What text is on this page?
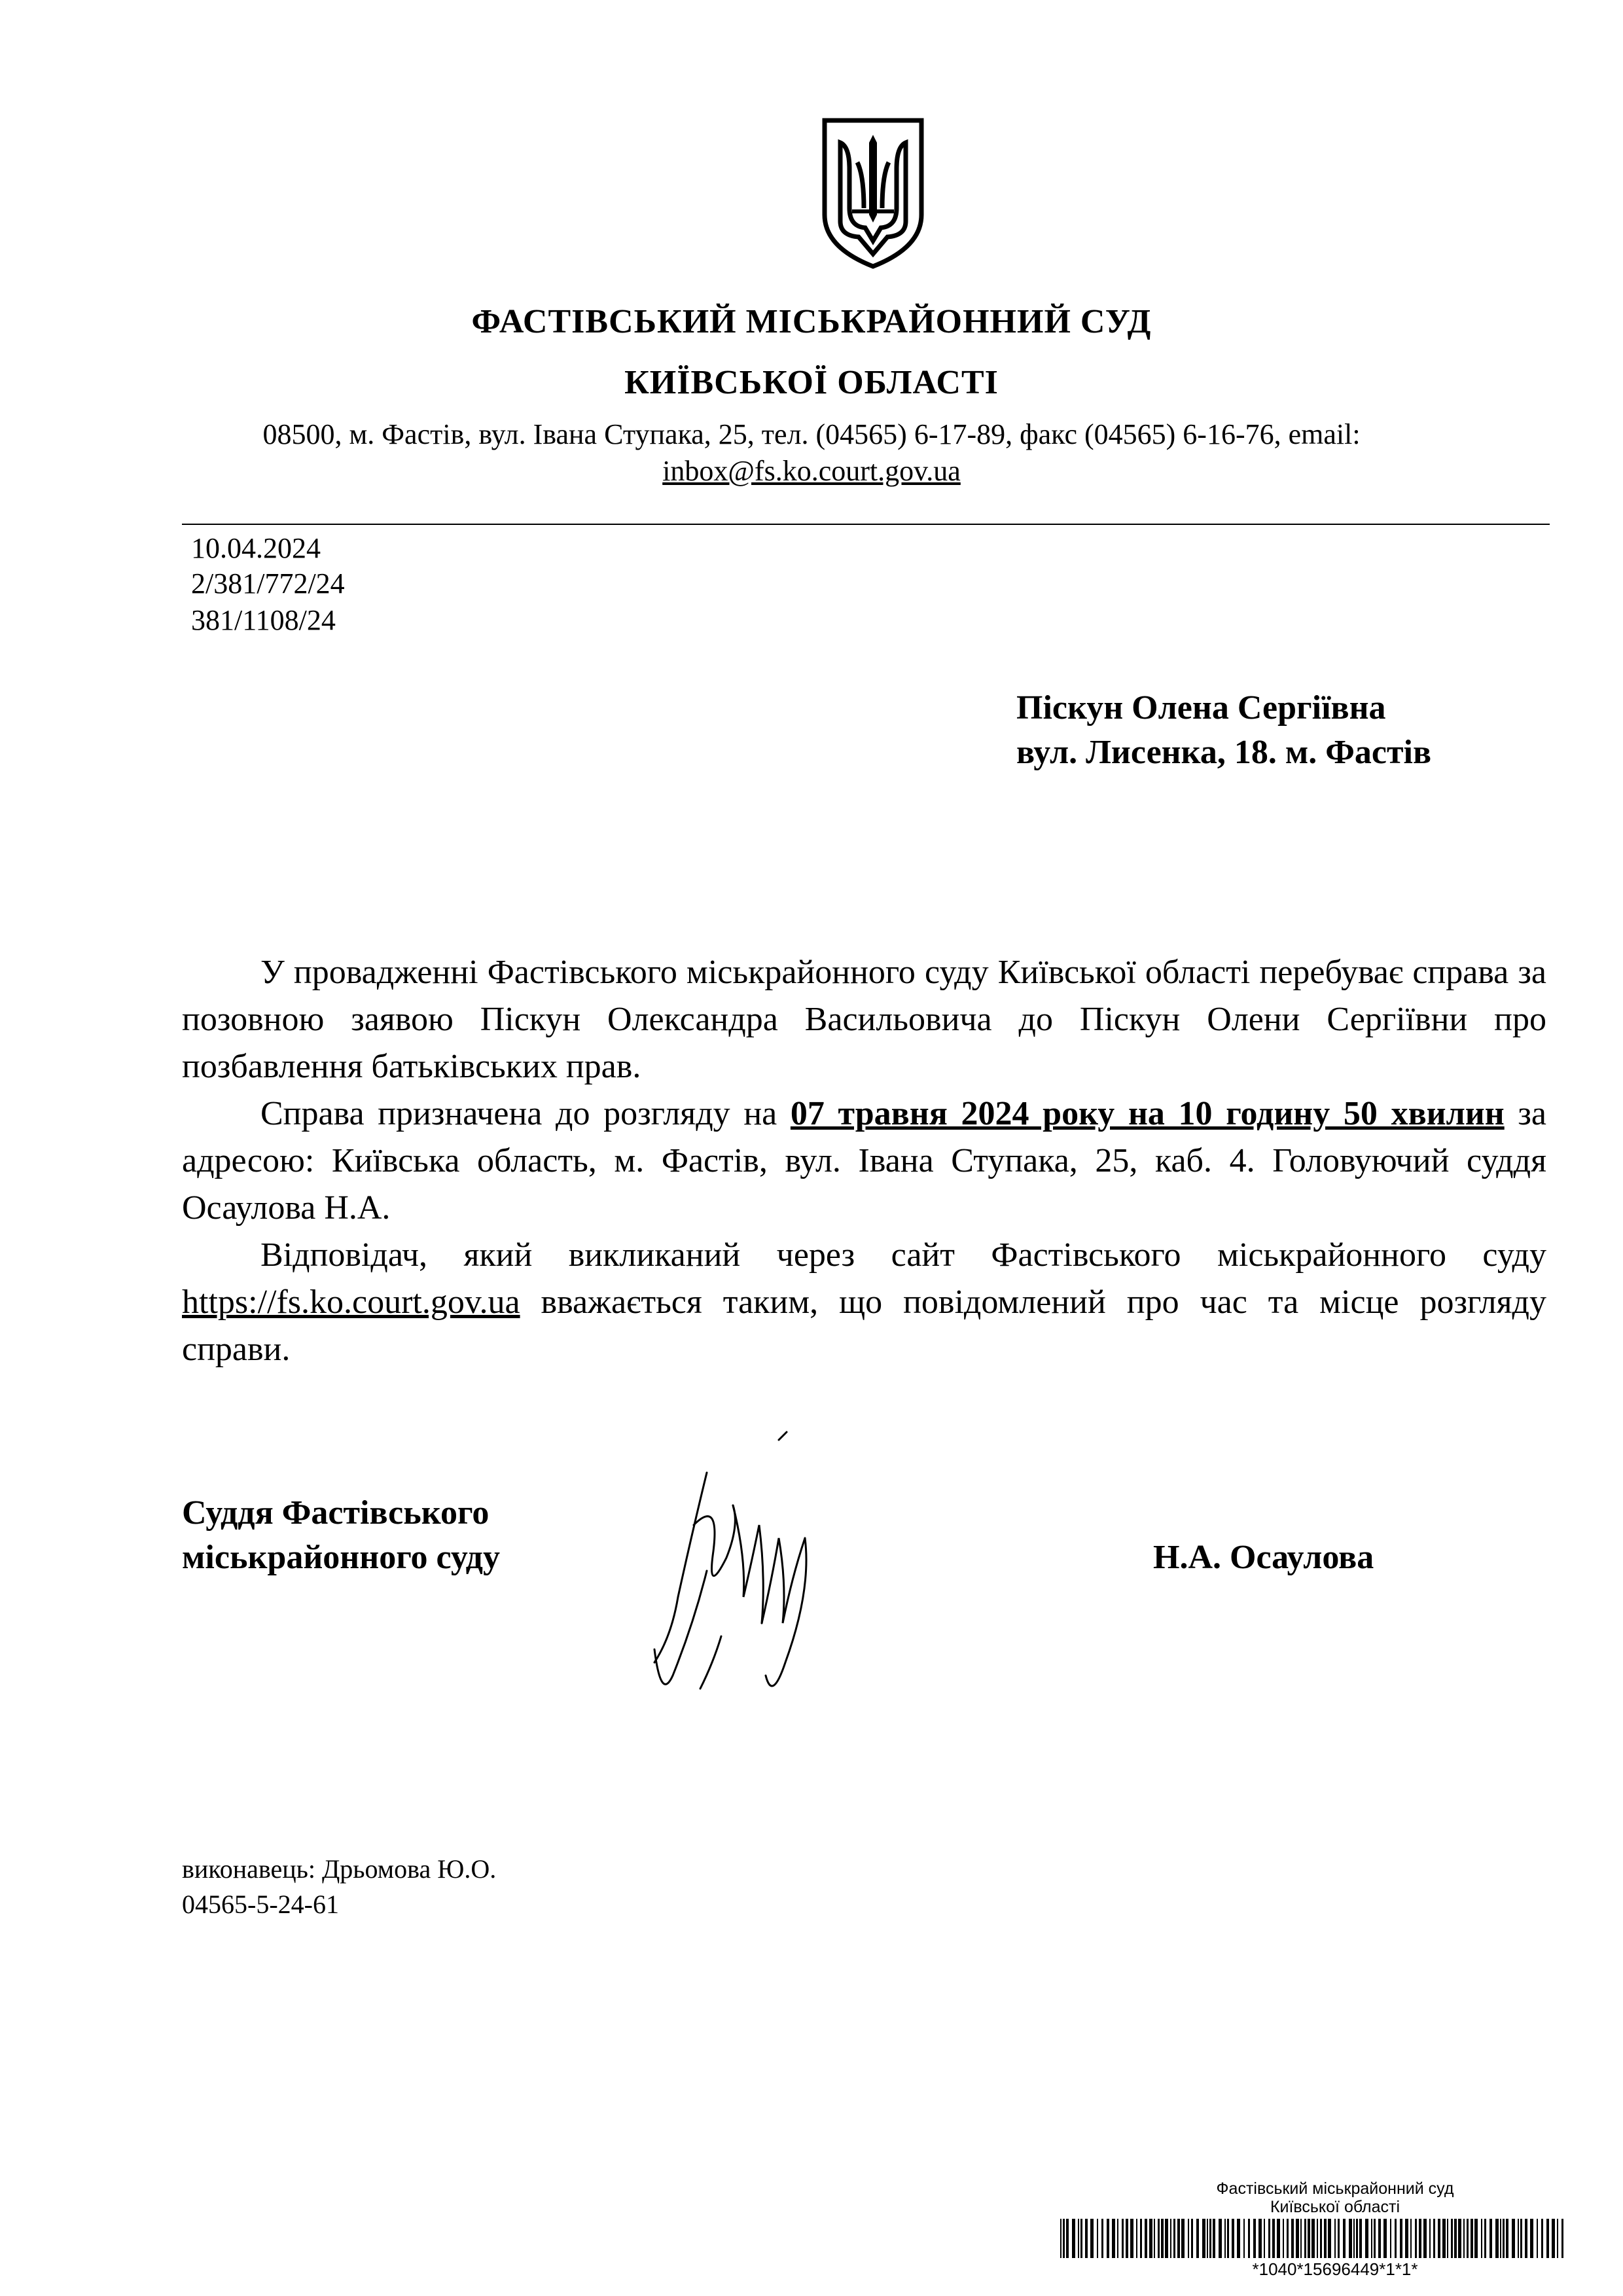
ФАСТІВСЬКИЙ МІСЬКРАЙОННИЙ СУД
КИЇВСЬКОЇ ОБЛАСТІ
08500, м. Фастів, вул. Івана Ступака, 25, тел. (04565) 6-17-89, факс (04565) 6-16-76, email:
inbox@fs.ko.court.gov.ua
10.04.2024
2/381/772/24
381/1108/24
Піскун Олена Сергіївна
вул. Лисенка, 18. м. Фастів

У провадженні Фастівського міськрайонного суду Київської області перебуває справа за позовною заявою Піскун Олександра Васильовича до Піскун Олени Сергіївни про позбавлення батьківських прав.

Справа призначена до розгляду на 07 травня 2024 року на 10 годину 50 хвилин за адресою: Київська область, м. Фастів, вул. Івана Ступака, 25, каб. 4. Головуючий суддя Осаулова Н.А.

Відповідач, який викликаний через сайт Фастівського міськрайонного суду https://fs.ko.court.gov.ua вважається таким, що повідомлений про час та місце розгляду справи.

Суддя Фастівського
міськрайонного суду	Н.А. Осаулова
виконавець: Дрьомова Ю.О.
04565-5-24-61
Фастівський міськрайонний суд
Київської області
*1040*15696449*1*1*
